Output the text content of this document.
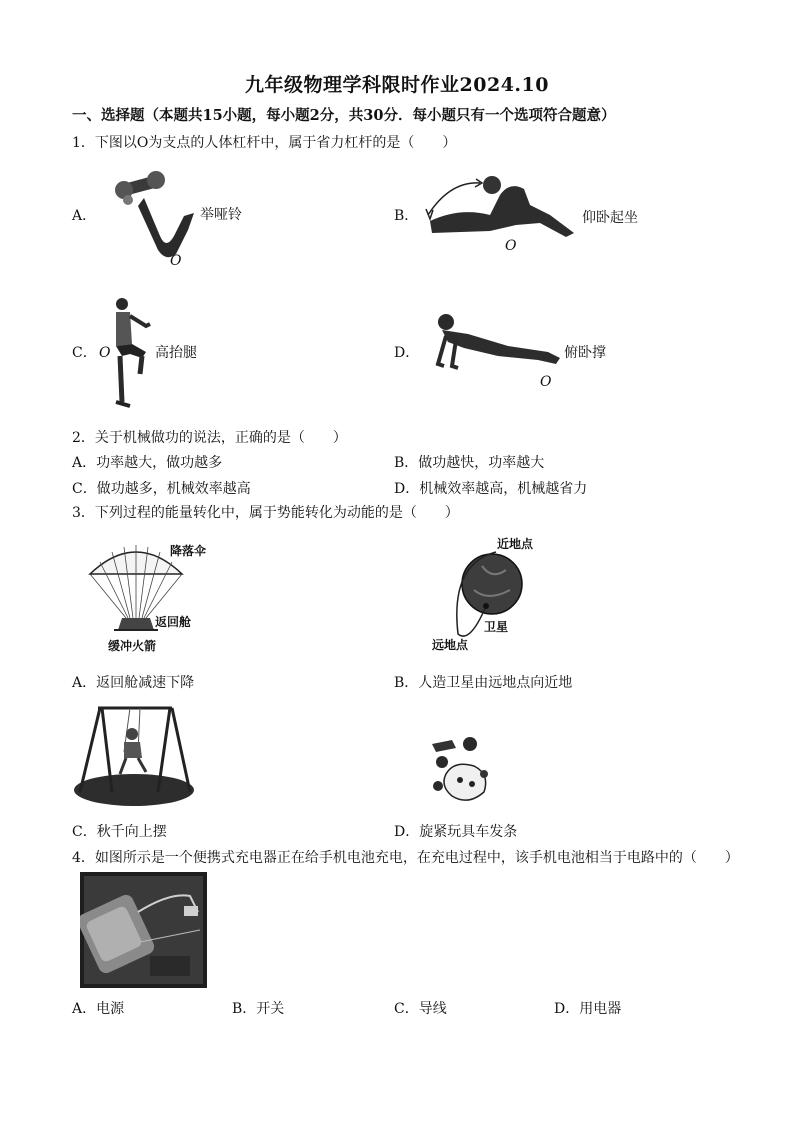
九年级物理学科限时作业2024.10
一、选择题（本题共15小题，每小题2分，共30分．每小题只有一个选项符合题意）
1．下图以O为支点的人体杠杆中，属于省力杠杆的是（　　）
A．	举哑铃
O
B．	仰卧起坐
O
C． O	高抬腿	D．	俯卧撑
O
2．关于机械做功的说法，正确的是（　　）
A．功率越大，做功越多	B．做功越快，功率越大
C．做功越多，机械效率越高	D．机械效率越高，机械越省力
3．下列过程的能量转化中，属于势能转化为动能的是（　　）
降落伞
返回舱
缓冲火箭
近地点
卫星
远地点
A．返回舱减速下降	B．人造卫星由远地点向近地
C．秋千向上摆	D．旋紧玩具车发条
4．如图所示是一个便携式充电器正在给手机电池充电，在充电过程中，该手机电池相当于电路中的（　　）
A．电源	B．开关	C．导线	D．用电器
